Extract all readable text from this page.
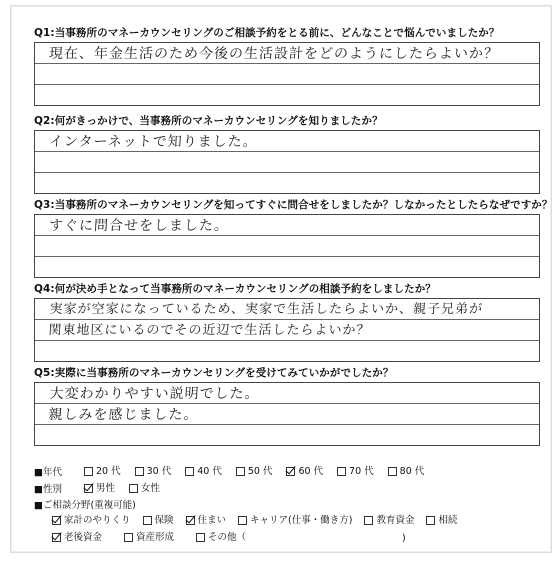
Q1:当事務所のマネーカウンセリングのご相談予約をとる前に、どんなことで悩んでいましたか？
現在、年金生活のため今後の生活設計をどのようにしたらよいか？
Q2:何がきっかけで、当事務所のマネーカウンセリングを知りましたか？
インターネットで知りました。
Q3:当事務所のマネーカウンセリングを知ってすぐに問合せをしましたか？しなかったとしたらなぜですか？
すぐに問合せをしました。
Q4:何が決め手となって当事務所のマネーカウンセリングの相談予約をしましたか？
実家が空家になっているため、実家で生活したらよいか、親子兄弟が
関東地区にいるのでその近辺で生活したらよいか？
Q5:実際に当事務所のマネーカウンセリングを受けてみていかがでしたか？
大変わかりやすい説明でした。
親しみを感じました。
■年代	20 代	30 代	40 代	50 代	60 代	70 代	80 代
■性別	男性	女性
■ご相談分野(重複可能)
家計のやりくり	保険	住まい	キャリア(仕事・働き方)	教育資金	相続
老後資金	資産形成	その他（	)
